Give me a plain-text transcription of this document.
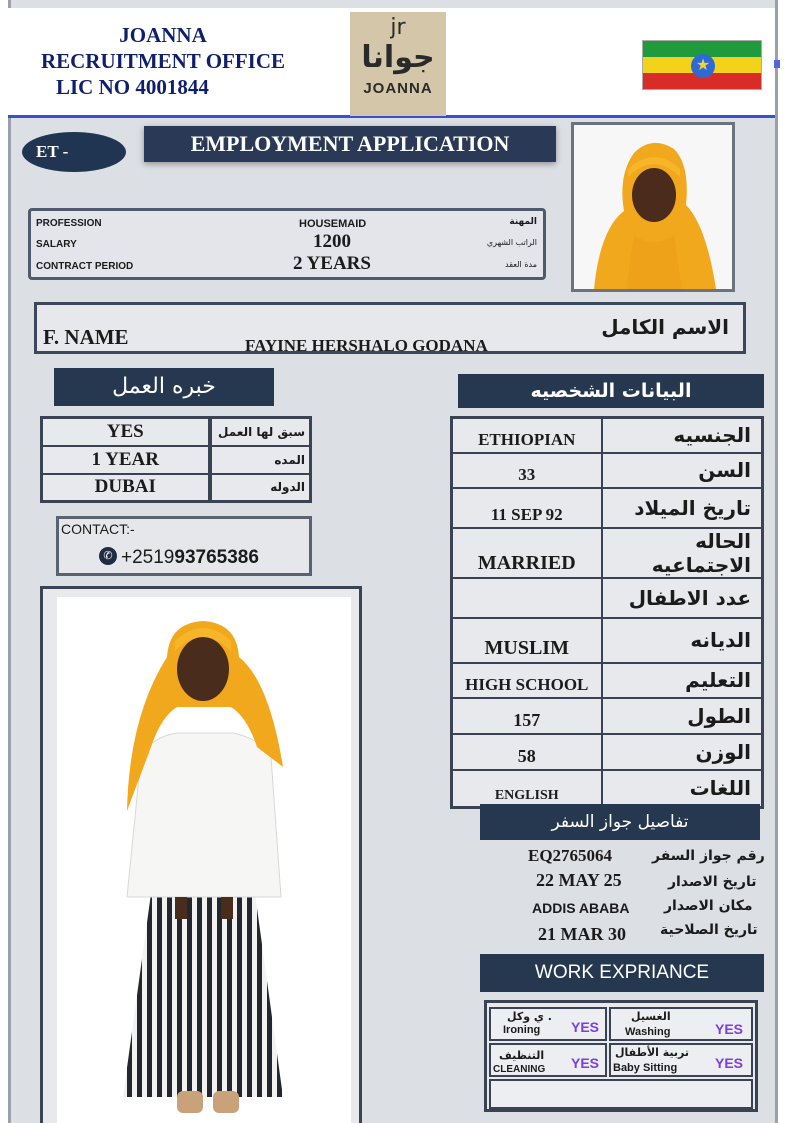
JOANNA
RECRUITMENT OFFICE
LIC NO 4001844
jr
جوانا
JOANNA
★
ET -	EMPLOYMENT APPLICATION
PROFESSION	HOUSEMAID	المهنة
SALARY	1200	الراتب الشهري
CONTRACT PERIOD	2 YEARS	مدة العقد
F. NAME	FAYINE HERSHALO GODANA
الاسم الكامل
خبره العمل
YES	سبق لها العمل
1 YEAR	المده
DUBAI	الدوله
CONTACT:-
✆ +251993765386
البيانات الشخصيه
ETHIOPIAN	الجنسيه
33	السن
11 SEP 92	تاريخ الميلاد
MARRIED	الحاله الاجتماعيه
	عدد الاطفال
MUSLIM	الديانه
HIGH SCHOOL	التعليم
157	الطول
58	الوزن
ENGLISH	اللغات
تفاصيل جواز السفر
EQ2765064	رقم جواز السفر
22 MAY 25	تاريخ الاصدار
ADDIS ABABA مكان الاصدار
21 MAR 30 تاريخ الصلاحية
WORK EXPRIANCE
ي وكل .
Ironing YES
الغسيل
Washing	YES
التنظيف
CLEANING YES
تربية الأطفال
Baby Sitting	YES
